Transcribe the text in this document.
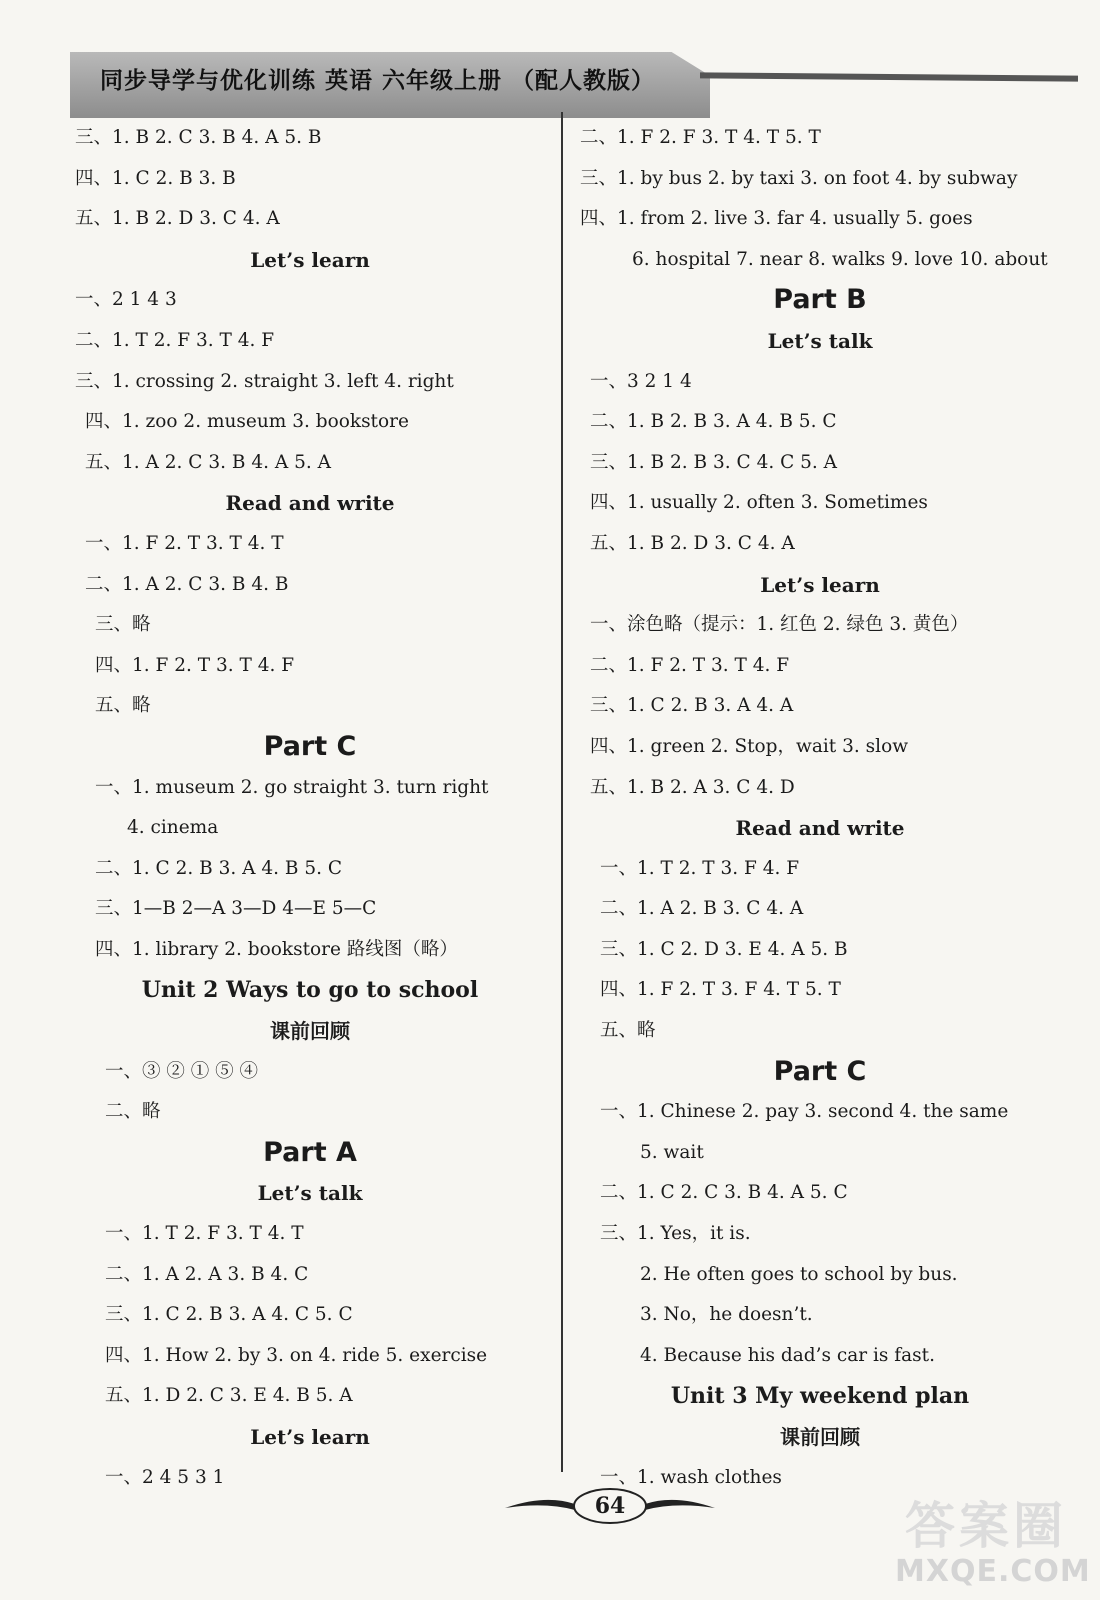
同步导学与优化训练 英语 六年级上册 （配人教版）
三、1. B 2. C 3. B 4. A 5. B
四、1. C 2. B 3. B
五、1. B 2. D 3. C 4. A
Let’s learn
一、2 1 4 3
二、1. T 2. F 3. T 4. F
三、1. crossing 2. straight 3. left 4. right
四、1. zoo 2. museum 3. bookstore
五、1. A 2. C 3. B 4. A 5. A
Read and write
一、1. F 2. T 3. T 4. T
二、1. A 2. C 3. B 4. B
三、略
四、1. F 2. T 3. T 4. F
五、略
Part C
一、1. museum 2. go straight 3. turn right
4. cinema
二、1. C 2. B 3. A 4. B 5. C
三、1—B 2—A 3—D 4—E 5—C
四、1. library 2. bookstore 路线图（略）
Unit 2 Ways to go to school
课前回顾
一、③ ② ① ⑤ ④
二、略
Part A
Let’s talk
一、1. T 2. F 3. T 4. T
二、1. A 2. A 3. B 4. C
三、1. C 2. B 3. A 4. C 5. C
四、1. How 2. by 3. on 4. ride 5. exercise
五、1. D 2. C 3. E 4. B 5. A
Let’s learn
一、2 4 5 3 1
二、1. F 2. F 3. T 4. T 5. T
三、1. by bus 2. by taxi 3. on foot 4. by subway
四、1. from 2. live 3. far 4. usually 5. goes
6. hospital 7. near 8. walks 9. love 10. about
Part B
Let’s talk
一、3 2 1 4
二、1. B 2. B 3. A 4. B 5. C
三、1. B 2. B 3. C 4. C 5. A
四、1. usually 2. often 3. Sometimes
五、1. B 2. D 3. C 4. A
Let’s learn
一、涂色略（提示：1. 红色 2. 绿色 3. 黄色）
二、1. F 2. T 3. T 4. F
三、1. C 2. B 3. A 4. A
四、1. green 2. Stop，wait 3. slow
五、1. B 2. A 3. C 4. D
Read and write
一、1. T 2. T 3. F 4. F
二、1. A 2. B 3. C 4. A
三、1. C 2. D 3. E 4. A 5. B
四、1. F 2. T 3. F 4. T 5. T
五、略
Part C
一、1. Chinese 2. pay 3. second 4. the same
5. wait
二、1. C 2. C 3. B 4. A 5. C
三、1. Yes，it is.
2. He often goes to school by bus.
3. No，he doesn’t.
4. Because his dad’s car is fast.
Unit 3 My weekend plan
课前回顾
一、1. wash clothes
64	答案圈
MXQE.COM
